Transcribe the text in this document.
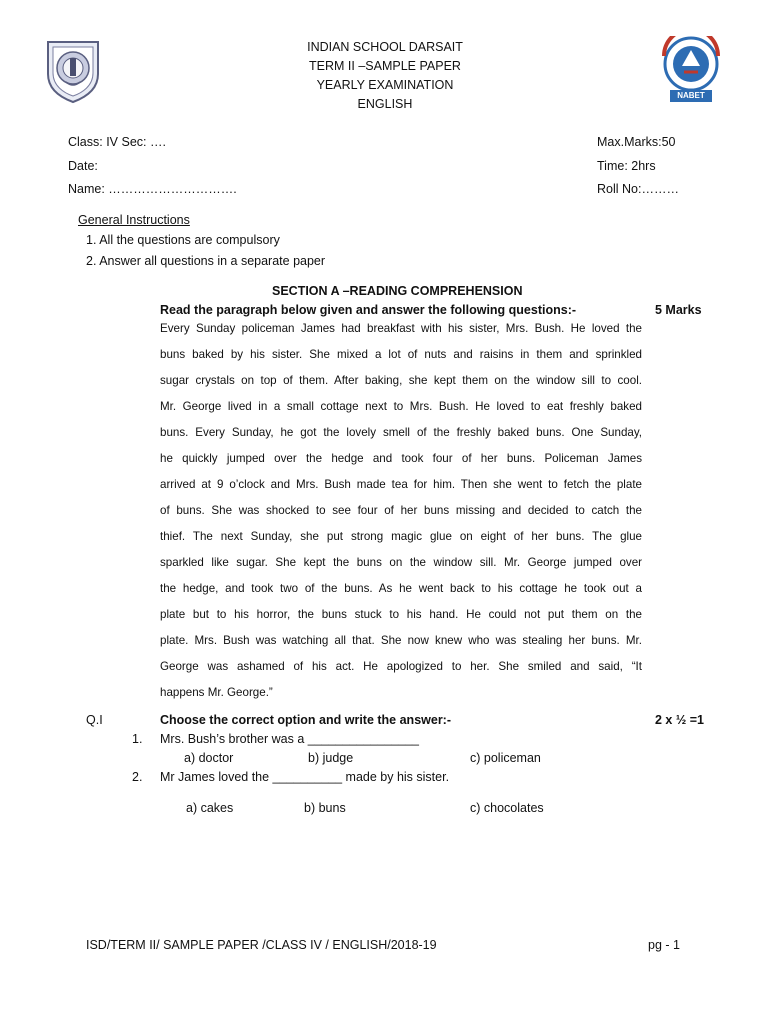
NABET
INDIAN SCHOOL DARSAIT
TERM II –SAMPLE PAPER
YEARLY EXAMINATION
ENGLISH
Class: IV Sec: ….
Date:
Name: ………………………….
Max.Marks:50
Time: 2hrs
Roll No:………
General Instructions
1. All the questions are compulsory
2. Answer all questions in a separate paper
SECTION A –READING COMPREHENSION
Read the paragraph below given and answer the following questions:-	5 Marks

Every Sunday policeman James had breakfast with his sister, Mrs. Bush. He loved the

buns baked by his sister. She mixed a lot of nuts and raisins in them and sprinkled

sugar crystals on top of them. After baking, she kept them on the window sill to cool.

Mr. George lived in a small cottage next to Mrs. Bush. He loved to eat freshly baked

buns. Every Sunday, he got the lovely smell of the freshly baked buns. One Sunday,

he quickly jumped over the hedge and took four of her buns. Policeman James

arrived at 9 o’clock and Mrs. Bush made tea for him. Then she went to fetch the plate

of buns. She was shocked to see four of her buns missing and decided to catch the

thief. The next Sunday, she put strong magic glue on eight of her buns. The glue

sparkled like sugar. She kept the buns on the window sill. Mr. George jumped over

the hedge, and took two of the buns. As he went back to his cottage he took out a

plate but to his horror, the buns stuck to his hand. He could not put them on the

plate. Mrs. Bush was watching all that. She now knew who was stealing her buns. Mr.

George was ashamed of his act. He apologized to her. She smiled and said, “It

happens Mr. George.”

Q.I	Choose the correct option and write the answer:-	2 x ½ =1
1. Mrs. Bush’s brother was a ________________
a) doctor	b) judge	c) policeman
2. Mr James loved the __________ made by his sister.
a) cakes	b) buns	c) chocolates
ISD/TERM II/ SAMPLE PAPER /CLASS IV / ENGLISH/2018-19	pg - 1
